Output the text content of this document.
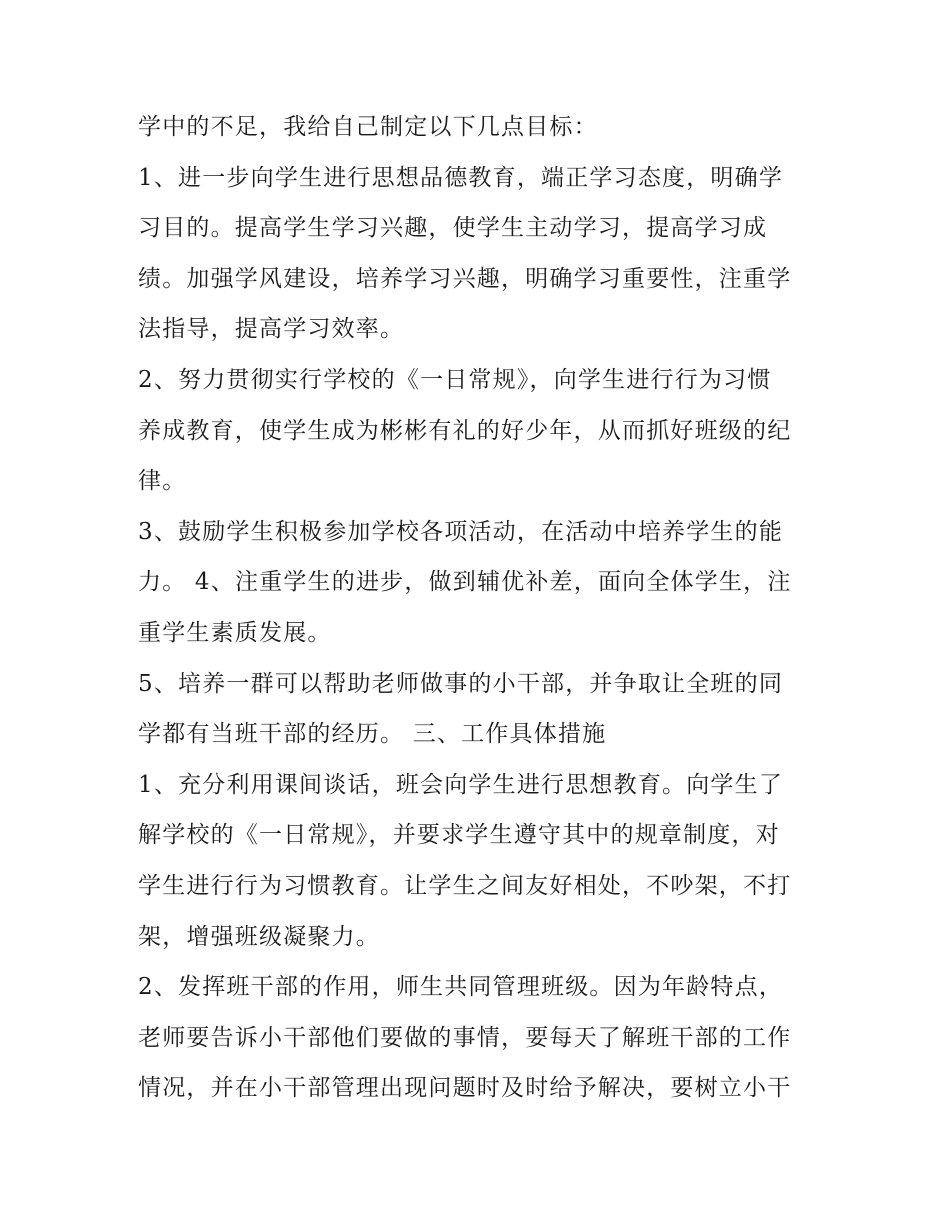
学中的不足，我给自己制定以下几点目标：
1、进一步向学生进行思想品德教育，端正学习态度，明确学
习目的。提高学生学习兴趣，使学生主动学习，提高学习成
绩。加强学风建设，培养学习兴趣，明确学习重要性，注重学
法指导，提高学习效率。
2、努力贯彻实行学校的《一日常规》，向学生进行行为习惯
养成教育，使学生成为彬彬有礼的好少年，从而抓好班级的纪
律。
3、鼓励学生积极参加学校各项活动，在活动中培养学生的能
力。 4、注重学生的进步，做到辅优补差，面向全体学生，注
重学生素质发展。
5、培养一群可以帮助老师做事的小干部，并争取让全班的同
学都有当班干部的经历。 三、工作具体措施
1、充分利用课间谈话，班会向学生进行思想教育。向学生了
解学校的《一日常规》，并要求学生遵守其中的规章制度，对
学生进行行为习惯教育。让学生之间友好相处，不吵架，不打
架，增强班级凝聚力。
2、发挥班干部的作用，师生共同管理班级。因为年龄特点，
老师要告诉小干部他们要做的事情，要每天了解班干部的工作
情况，并在小干部管理出现问题时及时给予解决，要树立小干
